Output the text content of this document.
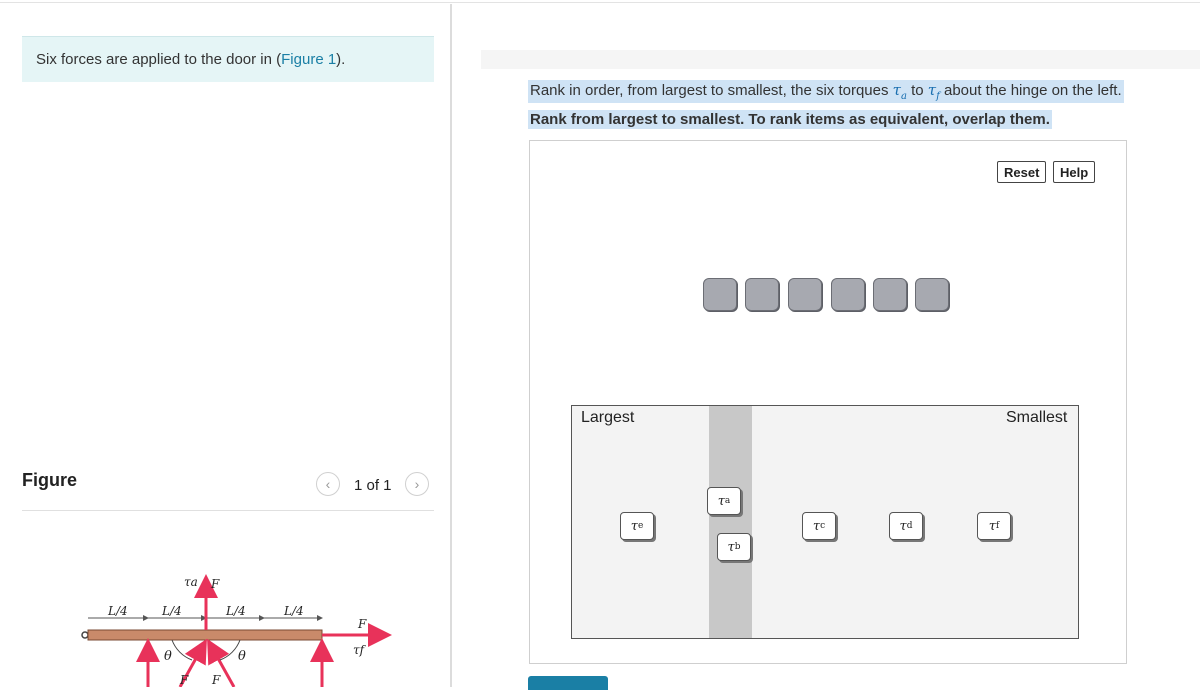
Six forces are applied to the door in ( Figure 1 ).
Figure	‹ 1 of 1 ›
L/4	L/4	L/4	L/4
τa F
F
τf
θ	θ
F F
Rank in order, from largest to smallest, the six torques $\tau_a$ to $\tau_f$ about the hinge on the left.
Rank from largest to smallest. To rank items as equivalent, overlap them.
Reset	Help
Largest	Smallest
τ e
τ a
τ b
τ c	τ d	τ f
